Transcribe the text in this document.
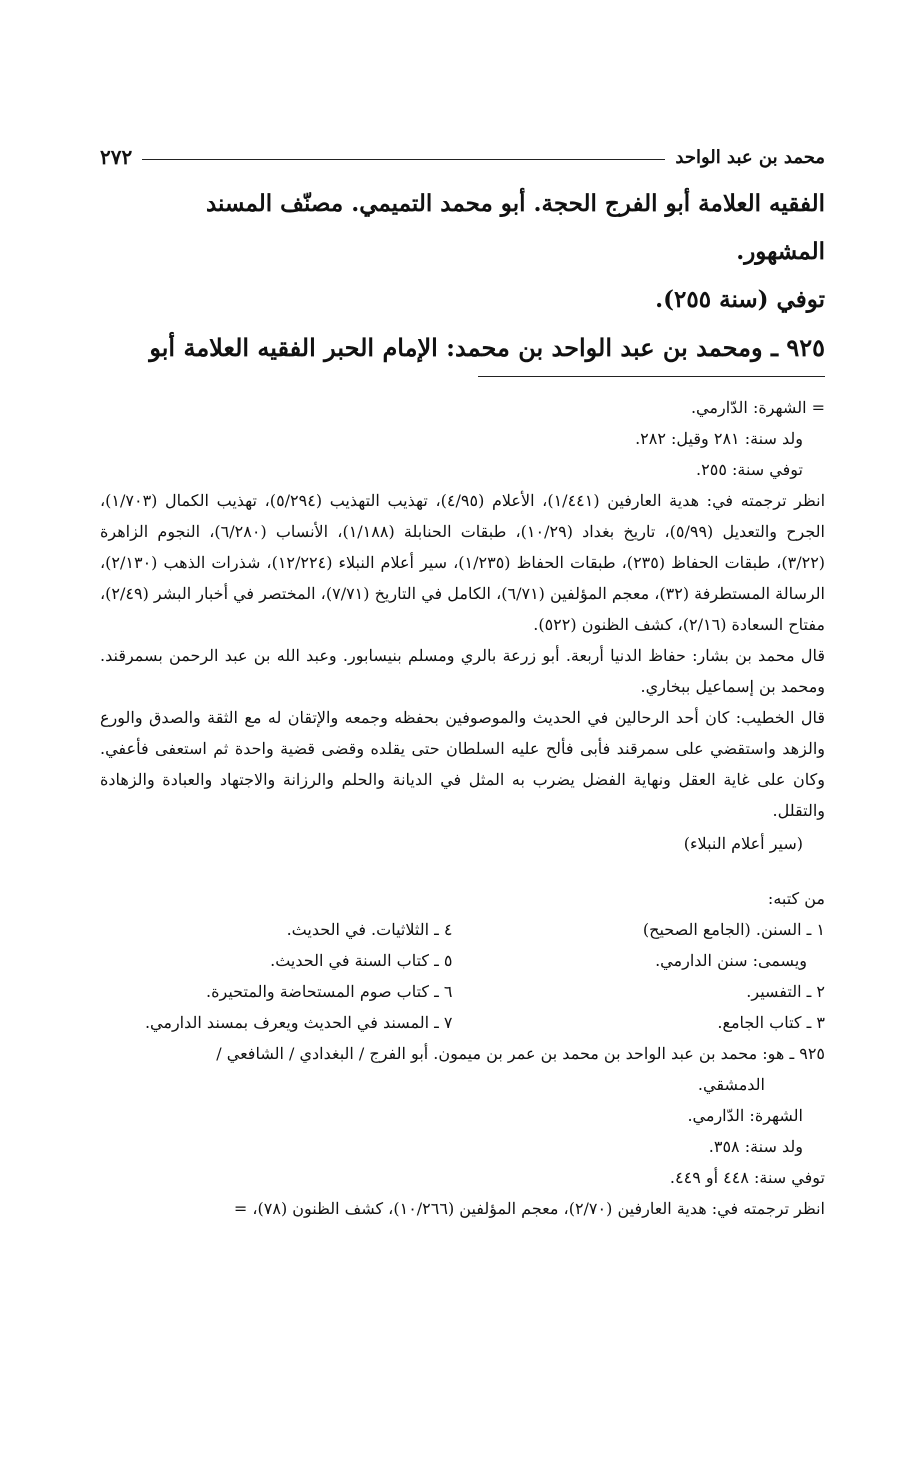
محمد بن عبد الواحد
٢٧٢

الفقيه العلامة أبو الفرج الحجة. أبو محمد التميمي. مصنّف المسند

المشهور.

توفي (سنة ٢٥٥).

٩٢٥ ـ ومحمد بن عبد الواحد بن محمد: الإمام الحبر الفقيه العلامة أبو

= الشهرة: الدّارمي.

ولد سنة: ٢٨١ وقيل: ٢٨٢.

توفي سنة: ٢٥٥.

انظر ترجمته في: هدية العارفين (١/٤٤١)، الأعلام (٤/٩٥)، تهذيب التهذيب (٥/٢٩٤)، تهذيب الكمال (١/٧٠٣)، الجرح والتعديل (٥/٩٩)، تاريخ بغداد (١٠/٢٩)، طبقات الحنابلة (١/١٨٨)، الأنساب (٦/٢٨٠)، النجوم الزاهرة (٣/٢٢)، طبقات الحفاظ (٢٣٥)، طبقات الحفاظ (١/٢٣٥)، سير أعلام النبلاء (١٢/٢٢٤)، شذرات الذهب (٢/١٣٠)، الرسالة المستطرفة (٣٢)، معجم المؤلفين (٦/٧١)، الكامل في التاريخ (٧/٧١)، المختصر في أخبار البشر (٢/٤٩)، مفتاح السعادة (٢/١٦)، كشف الظنون (٥٢٢).

قال محمد بن بشار: حفاظ الدنيا أربعة. أبو زرعة بالري ومسلم بنيسابور. وعبد الله بن عبد الرحمن بسمرقند. ومحمد بن إسماعيل ببخاري.

قال الخطيب: كان أحد الرحالين في الحديث والموصوفين بحفظه وجمعه والإتقان له مع الثقة والصدق والورع والزهد واستقضي على سمرقند فأبى فألح عليه السلطان حتى يقلده وقضى قضية واحدة ثم استعفى فأعفي. وكان على غاية العقل ونهاية الفضل يضرب به المثل في الديانة والحلم والرزانة والاجتهاد والعبادة والزهادة والتقلل.

(سير أعلام النبلاء)

من كتبه:

١ ـ السنن. (الجامع الصحيح)

ويسمى: سنن الدارمي.

٢ ـ التفسير.

٣ ـ كتاب الجامع.

٤ ـ الثلاثيات. في الحديث.

٥ ـ كتاب السنة في الحديث.

٦ ـ كتاب صوم المستحاضة والمتحيرة.

٧ ـ المسند في الحديث ويعرف بمسند الدارمي.

٩٢٥ ـ هو: محمد بن عبد الواحد بن محمد بن عمر بن ميمون. أبو الفرج / البغدادي / الشافعي /

الدمشقي.

الشهرة: الدّارمي.

ولد سنة: ٣٥٨.

توفي سنة: ٤٤٨ أو ٤٤٩.

انظر ترجمته في: هدية العارفين (٢/٧٠)، معجم المؤلفين (١٠/٢٦٦)، كشف الظنون (٧٨)، =
